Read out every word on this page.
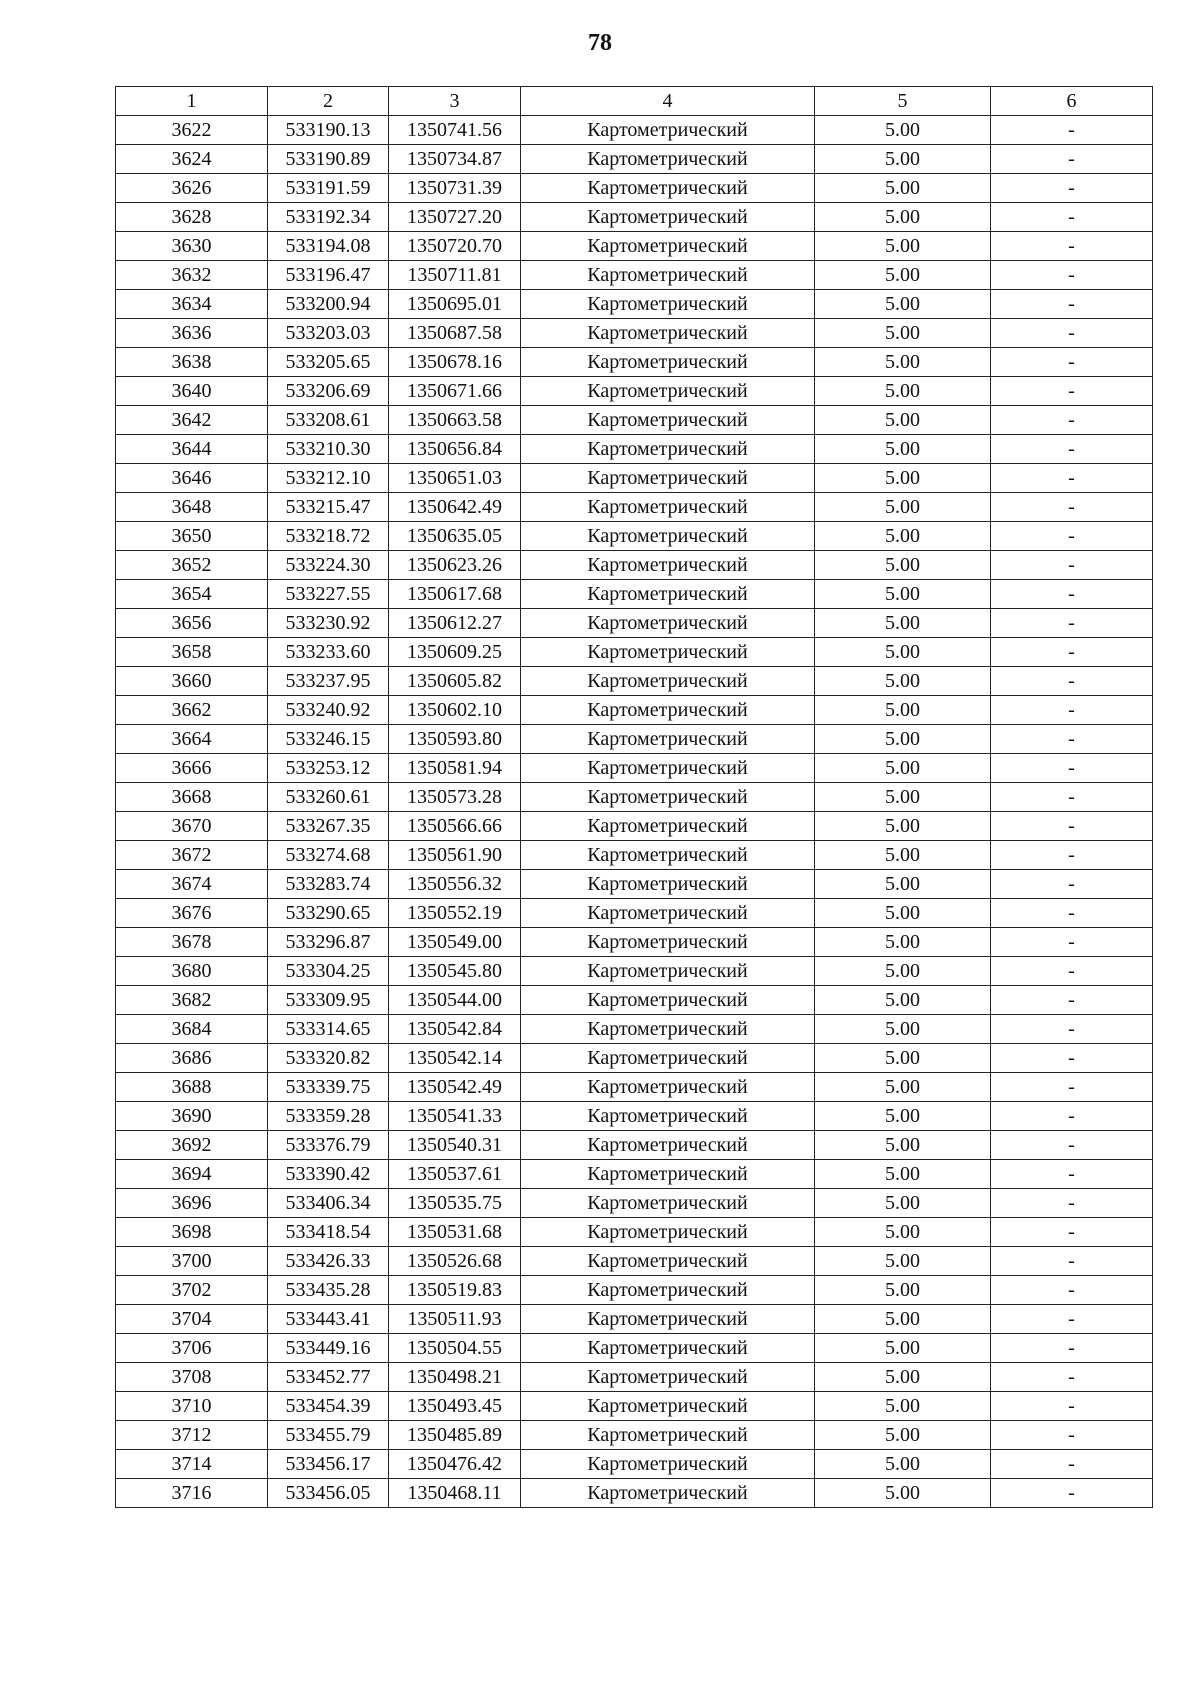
78
1	2	3	4	5	6
3622	533190.13	1350741.56	Картометрический	5.00	-
3624	533190.89	1350734.87	Картометрический	5.00	-
3626	533191.59	1350731.39	Картометрический	5.00	-
3628	533192.34	1350727.20	Картометрический	5.00	-
3630	533194.08	1350720.70	Картометрический	5.00	-
3632	533196.47	1350711.81	Картометрический	5.00	-
3634	533200.94	1350695.01	Картометрический	5.00	-
3636	533203.03	1350687.58	Картометрический	5.00	-
3638	533205.65	1350678.16	Картометрический	5.00	-
3640	533206.69	1350671.66	Картометрический	5.00	-
3642	533208.61	1350663.58	Картометрический	5.00	-
3644	533210.30	1350656.84	Картометрический	5.00	-
3646	533212.10	1350651.03	Картометрический	5.00	-
3648	533215.47	1350642.49	Картометрический	5.00	-
3650	533218.72	1350635.05	Картометрический	5.00	-
3652	533224.30	1350623.26	Картометрический	5.00	-
3654	533227.55	1350617.68	Картометрический	5.00	-
3656	533230.92	1350612.27	Картометрический	5.00	-
3658	533233.60	1350609.25	Картометрический	5.00	-
3660	533237.95	1350605.82	Картометрический	5.00	-
3662	533240.92	1350602.10	Картометрический	5.00	-
3664	533246.15	1350593.80	Картометрический	5.00	-
3666	533253.12	1350581.94	Картометрический	5.00	-
3668	533260.61	1350573.28	Картометрический	5.00	-
3670	533267.35	1350566.66	Картометрический	5.00	-
3672	533274.68	1350561.90	Картометрический	5.00	-
3674	533283.74	1350556.32	Картометрический	5.00	-
3676	533290.65	1350552.19	Картометрический	5.00	-
3678	533296.87	1350549.00	Картометрический	5.00	-
3680	533304.25	1350545.80	Картометрический	5.00	-
3682	533309.95	1350544.00	Картометрический	5.00	-
3684	533314.65	1350542.84	Картометрический	5.00	-
3686	533320.82	1350542.14	Картометрический	5.00	-
3688	533339.75	1350542.49	Картометрический	5.00	-
3690	533359.28	1350541.33	Картометрический	5.00	-
3692	533376.79	1350540.31	Картометрический	5.00	-
3694	533390.42	1350537.61	Картометрический	5.00	-
3696	533406.34	1350535.75	Картометрический	5.00	-
3698	533418.54	1350531.68	Картометрический	5.00	-
3700	533426.33	1350526.68	Картометрический	5.00	-
3702	533435.28	1350519.83	Картометрический	5.00	-
3704	533443.41	1350511.93	Картометрический	5.00	-
3706	533449.16	1350504.55	Картометрический	5.00	-
3708	533452.77	1350498.21	Картометрический	5.00	-
3710	533454.39	1350493.45	Картометрический	5.00	-
3712	533455.79	1350485.89	Картометрический	5.00	-
3714	533456.17	1350476.42	Картометрический	5.00	-
3716	533456.05	1350468.11	Картометрический	5.00	-
